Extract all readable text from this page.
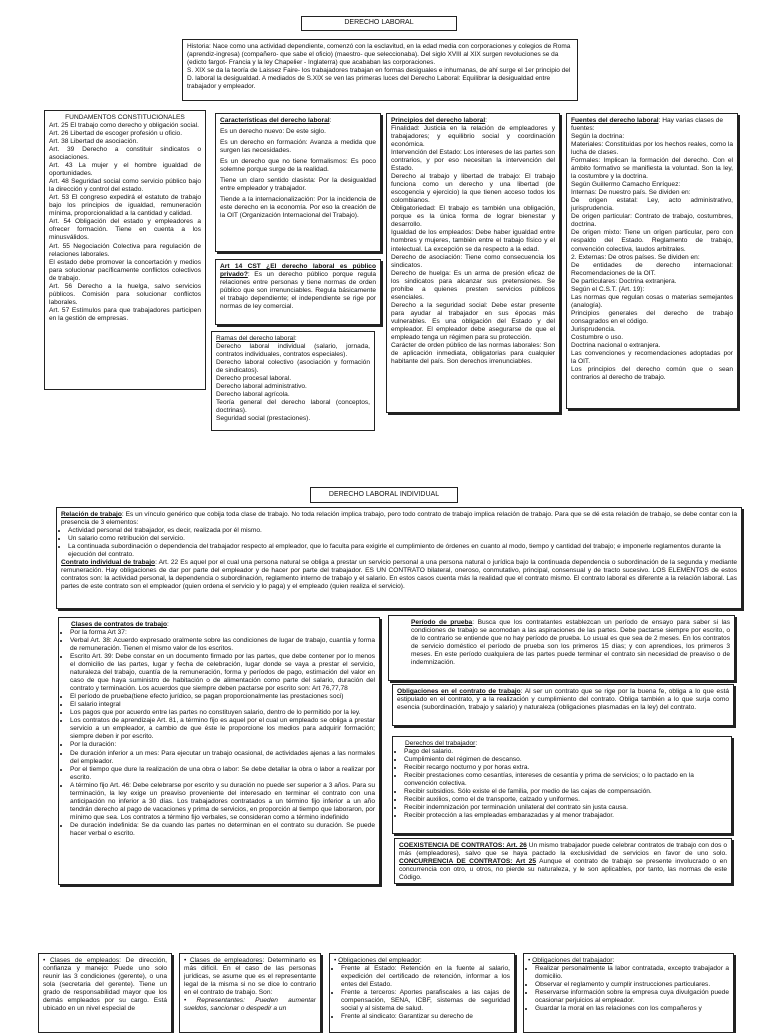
DERECHO LABORAL
Historia: Nace como una actividad dependiente, comenzó con la esclavitud, en la edad media con corporaciones y colegios de Roma (aprendiz-ingresa) (compañero- que sabe el oficio) (maestro- que seleccionaba). Del siglo XVIII al XIX surgen revoluciones se da (edicto fargot- Francia y la ley Chapelier - Inglaterra) que acababan las corporaciones.
S. XIX se da la teoría de Laissez Faire- los trabajadores trabajan en formas desiguales e inhumanas, de ahí surge el 1er principio del D. laboral la desigualdad. A mediados de S.XIX se ven las primeras luces del Derecho Laboral: Equilibrar la desigualdad entre trabajador y empleador.
FUNDAMENTOS CONSTITUCIONALES
Art. 25 El trabajo como derecho y obligación social.
Art. 26 Libertad de escoger profesión u oficio.
Art. 38 Libertad de asociación.
Art. 39 Derecho a constituir sindicatos o asociaciones.
Art. 43 La mujer y el hombre igualdad de oportunidades.
Art. 48 Seguridad social como servicio público bajo la dirección y control del estado.
Art. 53 El congreso expedirá el estatuto de trabajo bajo los principios de igualdad, remuneración mínima, proporcionalidad a la cantidad y calidad.
Art. 54 Obligación del estado y empleadores a ofrecer formación. Tiene en cuenta a los minusválidos.
Art. 55 Negociación Colectiva para regulación de relaciones laborales.
El estado debe promover la concertación y medios para solucionar pacíficamente conflictos colectivos de trabajo.
Art. 56 Derecho a la huelga, salvo servicios públicos. Comisión para solucionar conflictos laborales.
Art. 57 Estímulos para que trabajadores participen en la gestión de empresas.

Características del derecho laboral:

Es un derecho nuevo: De este siglo.

Es un derecho en formación: Avanza a medida que surgen las necesidades.

Es un derecho que no tiene formalismos: Es poco solemne porque surge de la realidad.

Tiene un claro sentido clasista: Por la desigualdad entre empleador y trabajador.

Tiende a la internacionalización: Por la incidencia de este derecho en la economía. Por eso la creación de la OIT (Organización Internacional del Trabajo).

Art 14 CST ¿El derecho laboral es público privado?: Es un derecho público porque regula relaciones entre personas y tiene normas de orden público que son irrenunciables. Regula básicamente el trabajo dependiente; el independiente se rige por normas de ley comercial.
Ramas del derecho laboral:
Derecho laboral individual (salario, jornada, contratos individuales, contratos especiales).
Derecho laboral colectivo (asociación y formación de sindicatos).
Derecho procesal laboral.
Derecho laboral administrativo.
Derecho laboral agrícola.
Teoría general del derecho laboral (conceptos, doctrinas).
Seguridad social (prestaciones).
Principios del derecho laboral:
Finalidad: Justicia en la relación de empleadores y trabajadores; y equilibrio social y coordinación económica.
Intervención del Estado: Los intereses de las partes son contrarios, y por eso necesitan la intervención del Estado.
Derecho al trabajo y libertad de trabajo: El trabajo funciona como un derecho y una libertad (de escogencia y ejercicio) la que tienen acceso todos los colombianos.
Obligatoriedad: El trabajo es también una obligación, porque es la única forma de lograr bienestar y desarrollo.
Igualdad de los empleados: Debe haber igualdad entre hombres y mujeres, también entre el trabajo físico y el intelectual. La excepción se da respecto a la edad.
Derecho de asociación: Tiene como consecuencia los sindicatos.
Derecho de huelga: Es un arma de presión eficaz de los sindicatos para alcanzar sus pretensiones. Se prohíbe a quienes presten servicios públicos esenciales.
Derecho a la seguridad social: Debe estar presente para ayudar al trabajador en sus épocas más vulnerables. Es una obligación del Estado y del empleador. El empleador debe asegurarse de que el empleado tenga un régimen para su protección.
Carácter de orden público de las normas laborales: Son de aplicación inmediata, obligatorias para cualquier habitante del país. Son derechos irrenunciables.
Fuentes del derecho laboral: Hay varias clases de fuentes:
Según la doctrina:
Materiales: Constituidas por los hechos reales, como la lucha de clases.
Formales: Implican la formación del derecho. Con el ámbito formativo se manifiesta la voluntad. Son la ley, la costumbre y la doctrina.
Según Guillermo Camacho Enríquez:
Internas: De nuestro país. Se dividen en:
De origen estatal: Ley, acto administrativo, jurisprudencia.
De origen particular: Contrato de trabajo, costumbres, doctrina.
De origen mixto: Tiene un origen particular, pero con respaldo del Estado. Reglamento de trabajo, convención colectiva, laudos arbitrales.
2. Externas: De otros países. Se dividen en:
De entidades de derecho internacional: Recomendaciones de la OIT.
De particulares: Doctrina extranjera.
Según el C.S.T. (Art. 19):
Las normas que regulan cosas o materias semejantes (analogía).
Principios generales del derecho de trabajo consagrados en el código.
Jurisprudencia.
Costumbre o uso.
Doctrina nacional o extranjera.
Las convenciones y recomendaciones adoptadas por la OIT.
Los principios del derecho común que o sean contrarios al derecho de trabajo.
DERECHO LABORAL INDIVIDUAL
Relación de trabajo: Es un vínculo genérico que cobija toda clase de trabajo. No toda relación implica trabajo, pero todo contrato de trabajo implica relación de trabajo. Para que se dé esta relación de trabajo, se debe contar con la presencia de 3 elementos:
• Actividad personal del trabajador, es decir, realizada por él mismo.
• Un salario como retribución del servicio.
• La continuada subordinación o dependencia del trabajador respecto al empleador, que lo faculta para exigirle el cumplimiento de órdenes en cuanto al modo, tiempo y cantidad del trabajo; e imponerle reglamentos durante la ejecución del contrato.
Contrato individual de trabajo: Art. 22 Es aquel por el cual una persona natural se obliga a prestar un servicio personal a una persona natural o jurídica bajo la continuada dependencia o subordinación de la segunda y mediante remuneración. Hay obligaciones de dar por parte del empleador y de hacer por parte del trabajador. ES UN CONTRATO bilateral, oneroso, conmutativo, principal, consensual y de tracto sucesivo. LOS ELEMENTOS de estos contratos son: la actividad personal, la dependencia o subordinación, reglamento interno de trabajo y el salario. En estos casos cuenta más la realidad que el contrato mismo. El contrato laboral es diferente a la relación laboral. Las partes de este contrato son el empleador (quien ordena el servicio y lo paga) y el empleado (quien realiza el servicio).
Clases de contratos de trabajo:
• Por la forma Art 37:
• Verbal Art. 38: Acuerdo expresado oralmente sobre las condiciones de lugar de trabajo, cuantía y forma de remuneración. Tienen el mismo valor de los escritos.
• Escrito Art. 39: Debe constar en un documento firmado por las partes, que debe contener por lo menos el domicilio de las partes, lugar y fecha de celebración, lugar donde se vaya a prestar el servicio, naturaleza del trabajo, cuantía de la remuneración, forma y períodos de pago, estimación del valor en caso de que haya suministro de habitación o de alimentación como parte del salario, duración del contrato y terminación. Los acuerdos que siempre deben pactarse por escrito son: Art 76,77,78
• El período de prueba(tiene efecto jurídico, se pagan proporcionalmente las prestaciones soci)
• El salario integral
• Los pagos que por acuerdo entre las partes no constituyen salario, dentro de lo permitido por la ley.
• Los contratos de aprendizaje Art. 81, a término fijo es aquel por el cual un empleado se obliga a prestar servicio a un empleador, a cambio de que éste le proporcione los medios para adquirir formación; siempre deben ir por escrito.
• Por la duración:
• De duración inferior a un mes: Para ejecutar un trabajo ocasional, de actividades ajenas a las normales del empleador.
• Por el tiempo que dure la realización de una obra o labor: Se debe detallar la obra o labor a realizar por escrito.
• A término fijo Art. 46: Debe celebrarse por escrito y su duración no puede ser superior a 3 años. Para su terminación, la ley exige un preaviso proveniente del interesado en terminar el contrato con una anticipación no inferior a 30 días. Los trabajadores contratados a un término fijo inferior a un año tendrán derecho al pago de vacaciones y prima de servicios, en proporción al tiempo que laboraron, por mínimo que sea. Los contratos a término fijo verbales, se consideran como a término indefinido
• De duración indefinida: Se da cuando las partes no determinan en el contrato su duración. Se puede hacer verbal o escrito.
Período de prueba: Busca que los contratantes establezcan un período de ensayo para saber si las condiciones de trabajo se acomodan a las aspiraciones de las partes. Debe pactarse siempre por escrito, o de lo contrario se entiende que no hay período de prueba. Lo usual es que sea de 2 meses. En los contratos de servicio doméstico el período de prueba son los primeros 15 días; y con aprendices, los primeros 3 meses. En este período cualquiera de las partes puede terminar el contrato sin necesidad de preaviso o de indemnización.
Obligaciones en el contrato de trabajo: Al ser un contrato que se rige por la buena fe, obliga a lo que está estipulado en el contrato, y a la realización y cumplimiento del contrato. Obliga también a lo que surja como esencia (subordinación, trabajo y salario) y naturaleza (obligaciones plasmadas en la ley) del contrato.
Derechos del trabajador:
• Pago del salario.
• Cumplimiento del régimen de descanso.
• Recibir recargo nocturno y por horas extra.
• Recibir prestaciones como cesantías, intereses de cesantía y prima de servicios; o lo pactado en la convención colectiva.
• Recibir subsidios. Sólo existe el de familia, por medio de las cajas de compensación.
• Recibir auxilios, como el de transporte, calzado y uniformes.
• Recibir indemnización por terminación unilateral del contrato sin justa causa.
• Recibir protección a las empleadas embarazadas y al menor trabajador.
COEXISTENCIA DE CONTRATOS: Art. 26 Un mismo trabajador puede celebrar contratos de trabajo con dos o más (empleadores), salvo que se haya pactado la exclusividad de servicios en favor de uno solo. CONCURRENCIA DE CONTRATOS: Art 25 Aunque el contrato de trabajo se presente involucrado o en concurrencia con otro, u otros, no pierde su naturaleza, y le son aplicables, por tanto, las normas de este Código.
• Clases de empleados: De dirección, confianza y manejo: Puede uno solo reunir las 3 condiciones (gerente), o una sola (secretaria del gerente). Tiene un grado de responsabilidad mayor que los demás empleados por su cargo. Está ubicado en un nivel especial de
• Clases de empleadores: Determinarlo es más difícil. En el caso de las personas jurídicas, se asume que es el representante legal de la misma si no se dice lo contrario en el contrato de trabajo. Son:
• Representantes: Pueden aumentar sueldos, sancionar o despedir a un
• Obligaciones del empleador:
• Frente al Estado: Retención en la fuente al salario, expedición del certificado de retención, informar a los entes del Estado.
• Frente a terceros: Aportes parafiscales a las cajas de compensación, SENA, ICBF, sistemas de seguridad social y al sistema de salud.
• Frente al sindicato: Garantizar su derecho de
• Obligaciones del trabajador:
• Realizar personalmente la labor contratada, excepto trabajador a domicilio.
• Observar el reglamento y cumplir instrucciones particulares.
• Reservarse información sobre la empresa cuya divulgación puede ocasionar perjuicios al empleador.
• Guardar la moral en las relaciones con los compañeros y
